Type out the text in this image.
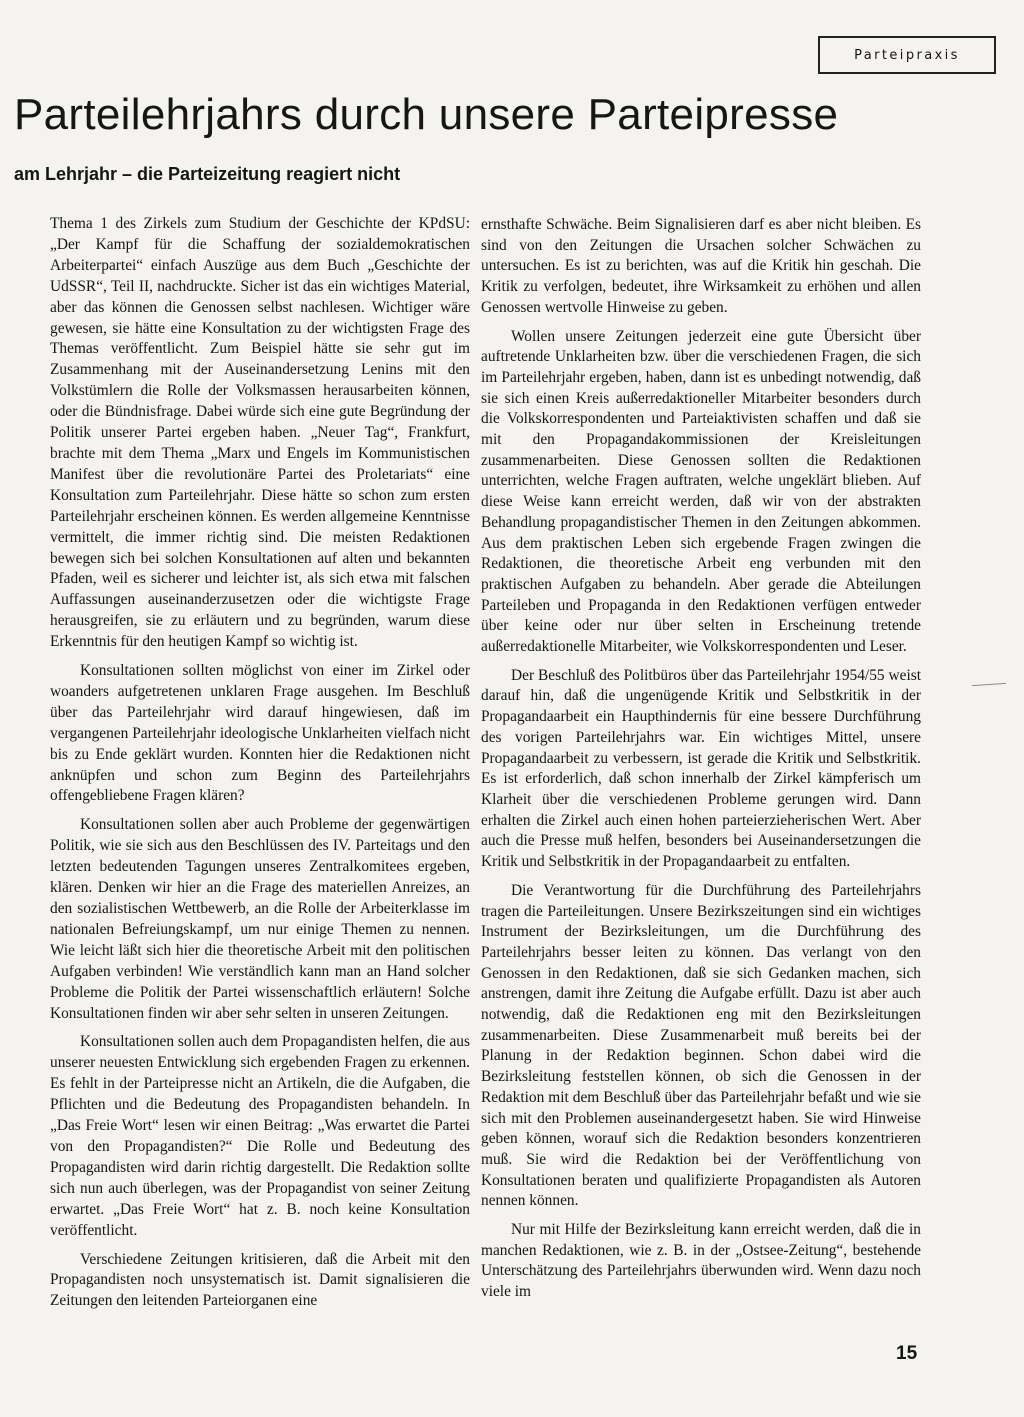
Parteipraxis
Parteilehrjahrs durch unsere Parteipresse
am Lehrjahr – die Parteizeitung reagiert nicht

Thema 1 des Zirkels zum Studium der Geschichte der KPdSU: „Der Kampf für die Schaffung der sozialdemokratischen Arbeiterpartei“ einfach Auszüge aus dem Buch „Geschichte der UdSSR“, Teil II, nachdruckte. Sicher ist das ein wichtiges Material, aber das können die Genossen selbst nachlesen. Wichtiger wäre gewesen, sie hätte eine Konsultation zu der wichtigsten Frage des Themas veröffentlicht. Zum Beispiel hätte sie sehr gut im Zusammenhang mit der Auseinandersetzung Lenins mit den Volkstümlern die Rolle der Volksmassen herausarbeiten können, oder die Bündnisfrage. Dabei würde sich eine gute Begründung der Politik unserer Partei ergeben haben. „Neuer Tag“, Frankfurt, brachte mit dem Thema „Marx und Engels im Kommunistischen Manifest über die revolutionäre Partei des Proletariats“ eine Konsultation zum Parteilehrjahr. Diese hätte so schon zum ersten Parteilehrjahr erscheinen können. Es werden allgemeine Kenntnisse vermittelt, die immer richtig sind. Die meisten Redaktionen bewegen sich bei solchen Konsultationen auf alten und bekannten Pfaden, weil es sicherer und leichter ist, als sich etwa mit falschen Auffassungen auseinanderzusetzen oder die wichtigste Frage herausgreifen, sie zu erläutern und zu begründen, warum diese Erkenntnis für den heutigen Kampf so wichtig ist.

Konsultationen sollten möglichst von einer im Zirkel oder woanders aufgetretenen unklaren Frage ausgehen. Im Beschluß über das Parteilehrjahr wird darauf hingewiesen, daß im vergangenen Parteilehrjahr ideologische Unklarheiten vielfach nicht bis zu Ende geklärt wurden. Konnten hier die Redaktionen nicht anknüpfen und schon zum Beginn des Parteilehrjahrs offengebliebene Fragen klären?

Konsultationen sollen aber auch Probleme der gegenwärtigen Politik, wie sie sich aus den Beschlüssen des IV. Parteitags und den letzten bedeutenden Tagungen unseres Zentralkomitees ergeben, klären. Denken wir hier an die Frage des materiellen Anreizes, an den sozialistischen Wettbewerb, an die Rolle der Arbeiterklasse im nationalen Befreiungskampf, um nur einige Themen zu nennen. Wie leicht läßt sich hier die theoretische Arbeit mit den politischen Aufgaben verbinden! Wie verständlich kann man an Hand solcher Probleme die Politik der Partei wissenschaftlich erläutern! Solche Konsultationen finden wir aber sehr selten in unseren Zeitungen.

Konsultationen sollen auch dem Propagandisten helfen, die aus unserer neuesten Entwicklung sich ergebenden Fragen zu erkennen. Es fehlt in der Parteipresse nicht an Artikeln, die die Aufgaben, die Pflichten und die Bedeutung des Propagandisten behandeln. In „Das Freie Wort“ lesen wir einen Beitrag: „Was erwartet die Partei von den Propagandisten?“ Die Rolle und Bedeutung des Propagandisten wird darin richtig dargestellt. Die Redaktion sollte sich nun auch überlegen, was der Propagandist von seiner Zeitung erwartet. „Das Freie Wort“ hat z. B. noch keine Konsultation veröffentlicht.

Verschiedene Zeitungen kritisieren, daß die Arbeit mit den Propagandisten noch unsystematisch ist. Damit signalisieren die Zeitungen den leitenden Parteiorganen eine

ernsthafte Schwäche. Beim Signalisieren darf es aber nicht bleiben. Es sind von den Zeitungen die Ursachen solcher Schwächen zu untersuchen. Es ist zu berichten, was auf die Kritik hin geschah. Die Kritik zu verfolgen, bedeutet, ihre Wirksamkeit zu erhöhen und allen Genossen wertvolle Hinweise zu geben.

Wollen unsere Zeitungen jederzeit eine gute Übersicht über auftretende Unklarheiten bzw. über die verschiedenen Fragen, die sich im Parteilehrjahr ergeben, haben, dann ist es unbedingt notwendig, daß sie sich einen Kreis außerredaktioneller Mitarbeiter besonders durch die Volkskorrespondenten und Parteiaktivisten schaffen und daß sie mit den Propagandakommissionen der Kreisleitungen zusammenarbeiten. Diese Genossen sollten die Redaktionen unterrichten, welche Fragen auftraten, welche ungeklärt blieben. Auf diese Weise kann erreicht werden, daß wir von der abstrakten Behandlung propagandistischer Themen in den Zeitungen abkommen. Aus dem praktischen Leben sich ergebende Fragen zwingen die Redaktionen, die theoretische Arbeit eng verbunden mit den praktischen Aufgaben zu behandeln. Aber gerade die Abteilungen Parteileben und Propaganda in den Redaktionen verfügen entweder über keine oder nur über selten in Erscheinung tretende außerredaktionelle Mitarbeiter, wie Volkskorrespondenten und Leser.

Der Beschluß des Politbüros über das Parteilehrjahr 1954/55 weist darauf hin, daß die ungenügende Kritik und Selbstkritik in der Propagandaarbeit ein Haupthindernis für eine bessere Durchführung des vorigen Parteilehrjahrs war. Ein wichtiges Mittel, unsere Propagandaarbeit zu verbessern, ist gerade die Kritik und Selbstkritik. Es ist erforderlich, daß schon innerhalb der Zirkel kämpferisch um Klarheit über die verschiedenen Probleme gerungen wird. Dann erhalten die Zirkel auch einen hohen parteierzieherischen Wert. Aber auch die Presse muß helfen, besonders bei Auseinandersetzungen die Kritik und Selbstkritik in der Propagandaarbeit zu entfalten.

Die Verantwortung für die Durchführung des Parteilehrjahrs tragen die Parteileitungen. Unsere Bezirkszeitungen sind ein wichtiges Instrument der Bezirksleitungen, um die Durchführung des Parteilehrjahrs besser leiten zu können. Das verlangt von den Genossen in den Redaktionen, daß sie sich Gedanken machen, sich anstrengen, damit ihre Zeitung die Aufgabe erfüllt. Dazu ist aber auch notwendig, daß die Redaktionen eng mit den Bezirksleitungen zusammenarbeiten. Diese Zusammenarbeit muß bereits bei der Planung in der Redaktion beginnen. Schon dabei wird die Bezirksleitung feststellen können, ob sich die Genossen in der Redaktion mit dem Beschluß über das Parteilehrjahr befaßt und wie sie sich mit den Problemen auseinandergesetzt haben. Sie wird Hinweise geben können, worauf sich die Redaktion besonders konzentrieren muß. Sie wird die Redaktion bei der Veröffentlichung von Konsultationen beraten und qualifizierte Propagandisten als Autoren nennen können.

Nur mit Hilfe der Bezirksleitung kann erreicht werden, daß die in manchen Redaktionen, wie z. B. in der „Ostsee-Zeitung“, bestehende Unterschätzung des Parteilehrjahrs überwunden wird. Wenn dazu noch viele im

15
